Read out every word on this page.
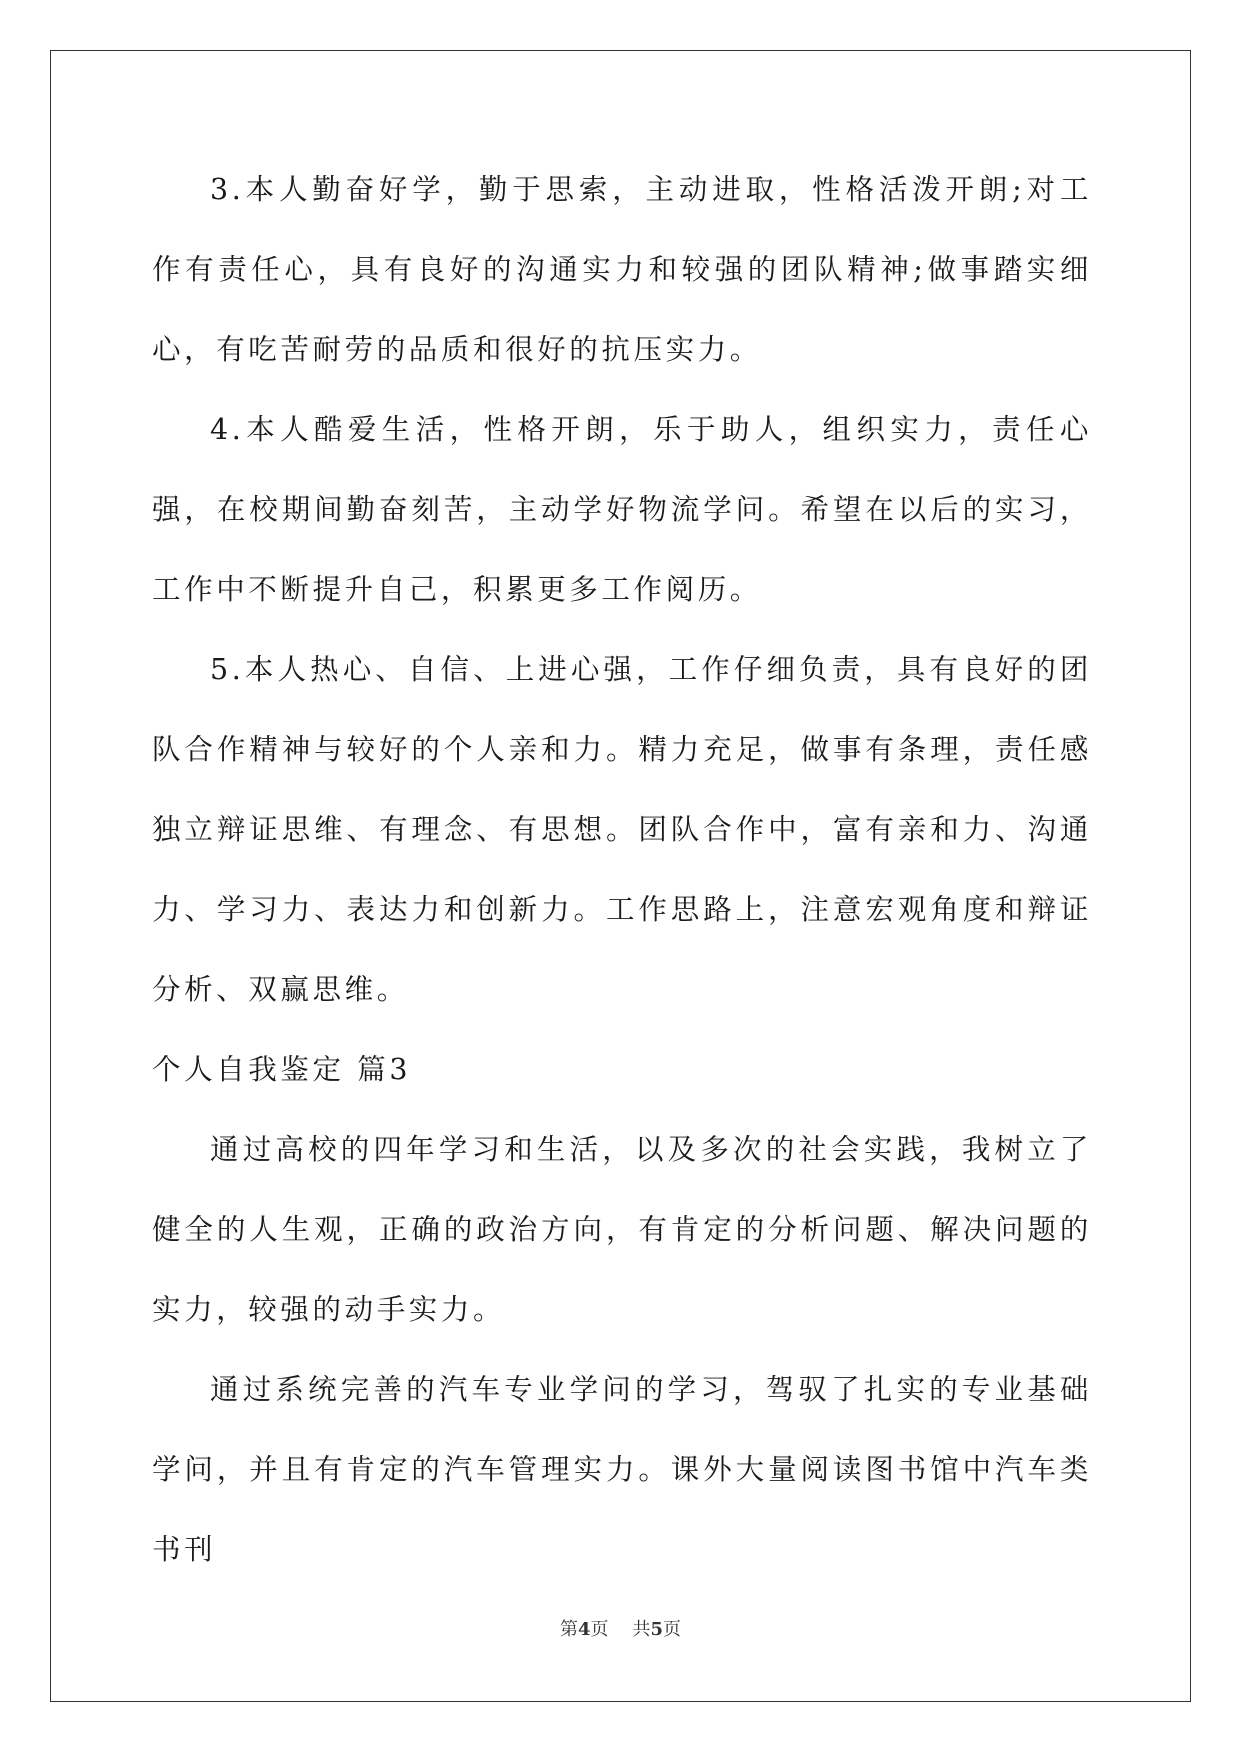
3.本人勤奋好学，勤于思索，主动进取，性格活泼开朗;对工作有责任心，具有良好的沟通实力和较强的团队精神;做事踏实细心，有吃苦耐劳的品质和很好的抗压实力。

4.本人酷爱生活，性格开朗，乐于助人，组织实力，责任心强，在校期间勤奋刻苦，主动学好物流学问。希望在以后的实习，工作中不断提升自己，积累更多工作阅历。

5.本人热心、自信、上进心强，工作仔细负责，具有良好的团队合作精神与较好的个人亲和力。精力充足，做事有条理，责任感独立辩证思维、有理念、有思想。团队合作中，富有亲和力、沟通力、学习力、表达力和创新力。工作思路上，注意宏观角度和辩证分析、双赢思维。

个人自我鉴定 篇3

通过高校的四年学习和生活，以及多次的社会实践，我树立了健全的人生观，正确的政治方向，有肯定的分析问题、解决问题的实力，较强的动手实力。

通过系统完善的汽车专业学问的学习，驾驭了扎实的专业基础学问，并且有肯定的汽车管理实力。课外大量阅读图书馆中汽车类书刊

第4页 共5页
